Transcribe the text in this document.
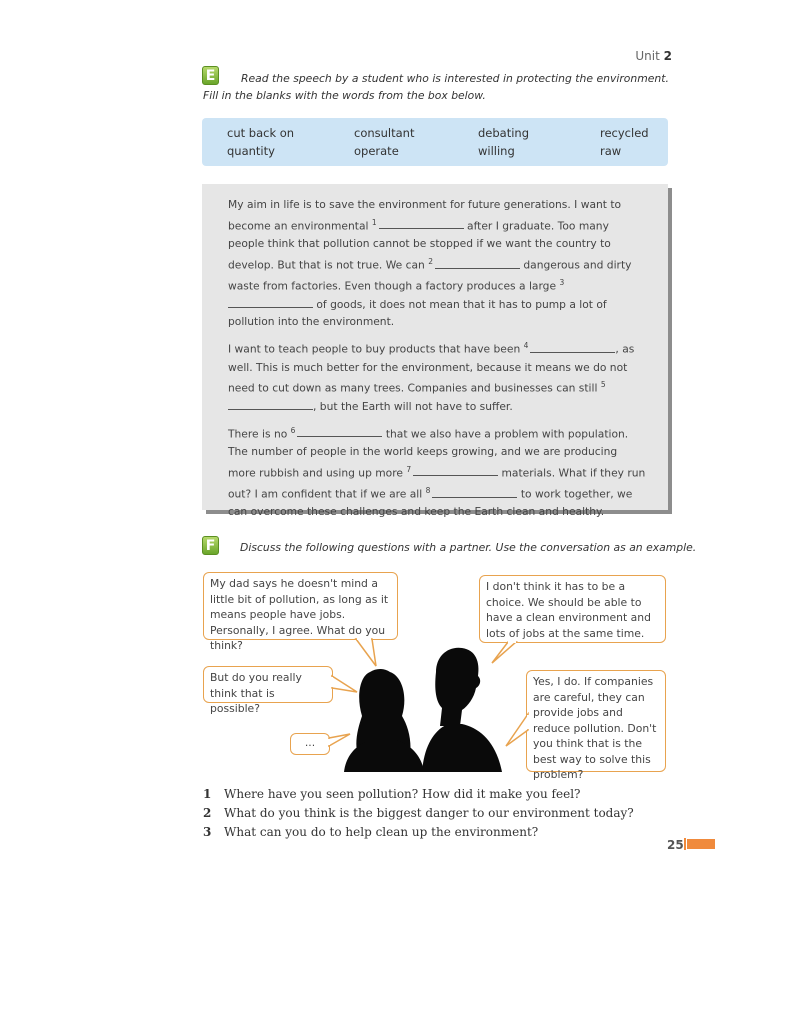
Unit 2
E	Read the speech by a student who is interested in protecting the environment. Fill in the blanks with the words from the box below.
cut back on	consultant	debating	recycled
quantity	operate	willing	raw

My aim in life is to save the environment for future generations. I want to become an environmental $^1$	after I graduate. Too many people think that pollution cannot be stopped if we want the country to develop. But that is not true. We can $^2$	dangerous and dirty waste from factories. Even though a factory produces a large $^3$ of goods, it does not mean that it has to pump a lot of pollution into the environment.

I want to teach people to buy products that have been $^4$	, as well. This is much better for the environment, because it means we do not need to cut down as many trees. Companies and businesses can still $^5$, but the Earth will not have to suffer.

There is no $^6$	that we also have a problem with population. The number of people in the world keeps growing, and we are producing more rubbish and using up more $^7$	materials. What if they run out? I am confident that if we are all $^8$	to work together, we can overcome these challenges and keep the Earth clean and healthy.

F	Discuss the following questions with a partner. Use the conversation as an example.
My dad says he doesn't mind a little bit of pollution, as long as it means people have jobs. Personally, I agree. What do you think?
I don't think it has to be a choice. We should be able to have a clean environment and lots of jobs at the same time.
But do you really think that is possible?
Yes, I do. If companies are careful, they can provide jobs and reduce pollution. Don't you think that is the best way to solve this problem?
...
1 Where have you seen pollution? How did it make you feel?
2 What do you think is the biggest danger to our environment today?
3 What can you do to help clean up the environment?
25
